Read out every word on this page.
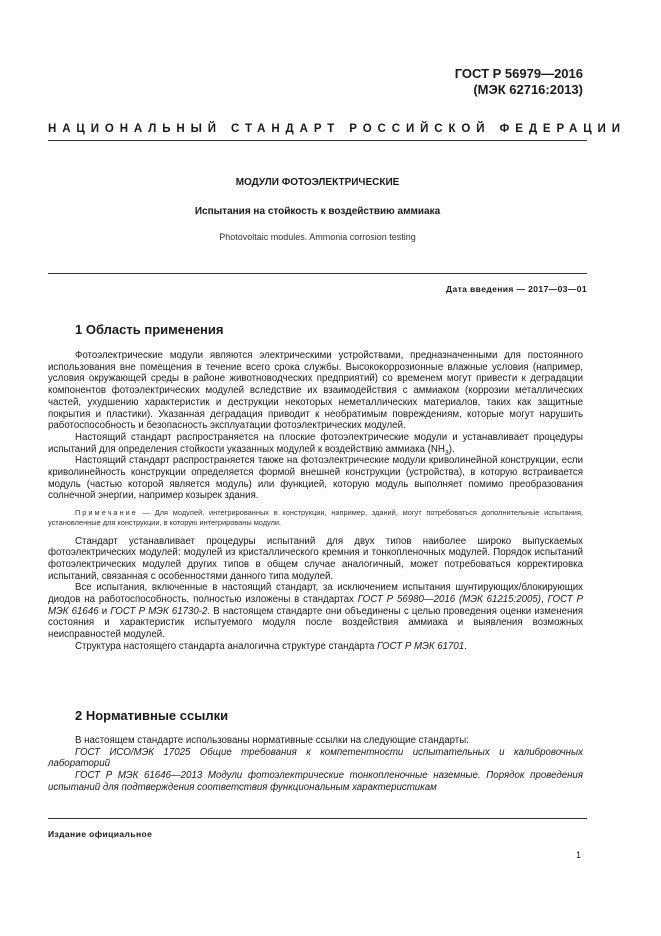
ГОСТ Р 56979—2016
(МЭК 62716:2013)
НАЦИОНАЛЬНЫЙ СТАНДАРТ РОССИЙСКОЙ ФЕДЕРАЦИИ
МОДУЛИ ФОТОЭЛЕКТРИЧЕСКИЕ
Испытания на стойкость к воздействию аммиака
Photovoltaic modules. Ammonia corrosion testing
Дата введения — 2017—03—01
1 Область применения

Фотоэлектрические модули являются электрическими устройствами, предназначенными для постоянного использования вне помещения в течение всего срока службы. Высококоррозионные влажные условия (например, условия окружающей среды в районе животноводческих предприятий) со временем могут привести к деградации компонентов фотоэлектрических модулей вследствие их взаимодействия с аммиаком (коррозии металлических частей, ухудшению характеристик и деструкции некоторых неметаллических материалов, таких как защитные покрытия и пластики). Указанная деградация приводит к необратимым повреждениям, которые могут нарушить работоспособность и безопасность эксплуатации фотоэлектрических модулей.

Настоящий стандарт распространяется на плоские фотоэлектрические модули и устанавливает процедуры испытаний для определения стойкости указанных модулей к воздействию аммиака $(NH_3)$.

Настоящий стандарт распространяется также на фотоэлектрические модули криволинейной конструкции, если криволинейность конструкции определяется формой внешней конструкции (устройства), в которую встраивается модуль (частью которой является модуль) или функцией, которую модуль выполняет помимо преобразования солнечной энергии, например козырек здания.

Примечание — Для модулей, интегрированных в конструкции, например, зданий, могут потребоваться дополнительные испытания, установленные для конструкции, в которую интегрированы модули.

Стандарт устанавливает процедуры испытаний для двух типов наиболее широко выпускаемых фотоэлектрических модулей: модулей из кристаллического кремния и тонкопленочных модулей. Порядок испытаний фотоэлектрических модулей других типов в общем случае аналогичный, может потребоваться корректировка испытаний, связанная с особенностями данного типа модулей.

Все испытания, включенные в настоящий стандарт, за исключением испытания шунтирующих/блокирующих диодов на работоспособность, полностью изложены в стандартах ГОСТ Р 56980—2016 (МЭК 61215:2005), ГОСТ Р МЭК 61646 и ГОСТ Р МЭК 61730-2. В настоящем стандарте они объединены с целью проведения оценки изменения состояния и характеристик испытуемого модуля после воздействия аммиака и выявления возможных неисправностей модулей.

Структура настоящего стандарта аналогична структуре стандарта ГОСТ Р МЭК 61701.

2 Нормативные ссылки

В настоящем стандарте использованы нормативные ссылки на следующие стандарты:

ГОСТ ИСО/МЭК 17025 Общие требования к компетентности испытательных и калибровочных лабораторий

ГОСТ Р МЭК 61646—2013 Модули фотоэлектрические тонкопленочные наземные. Порядок проведения испытаний для подтверждения соответствия функциональным характеристикам

Издание официальное
1
